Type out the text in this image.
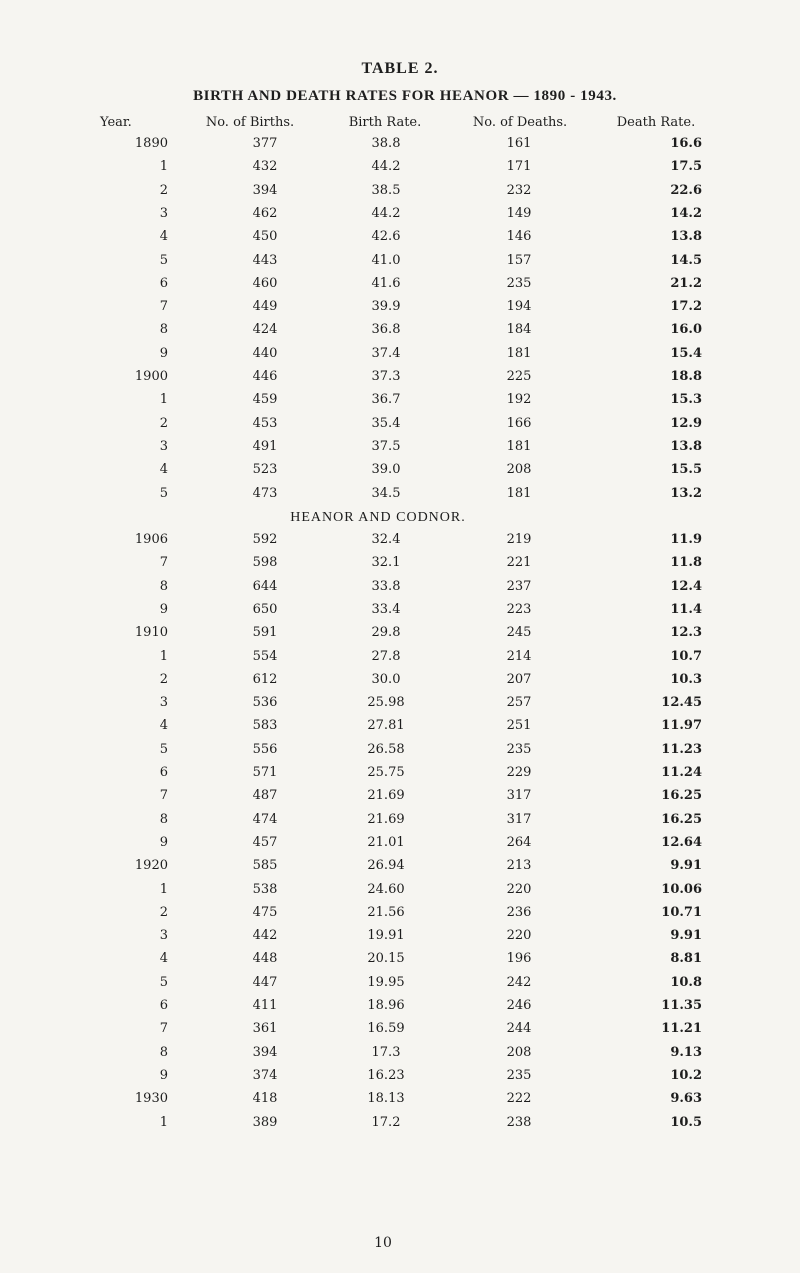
TABLE 2.
BIRTH AND DEATH RATES FOR HEANOR — 1890 - 1943.
Year.	No. of Births.	Birth Rate.	No. of Deaths.	Death Rate.
1890	377	38.8	161	16.6
1	432	44.2	171	17.5
2	394	38.5	232	22.6
3	462	44.2	149	14.2
4	450	42.6	146	13.8
5	443	41.0	157	14.5
6	460	41.6	235	21.2
7	449	39.9	194	17.2
8	424	36.8	184	16.0
9	440	37.4	181	15.4
1900	446	37.3	225	18.8
1	459	36.7	192	15.3
2	453	35.4	166	12.9
3	491	37.5	181	13.8
4	523	39.0	208	15.5
5	473	34.5	181	13.2
HEANOR AND CODNOR.
1906	592	32.4	219	11.9
7	598	32.1	221	11.8
8	644	33.8	237	12.4
9	650	33.4	223	11.4
1910	591	29.8	245	12.3
1	554	27.8	214	10.7
2	612	30.0	207	10.3
3	536	25.98	257	12.45
4	583	27.81	251	11.97
5	556	26.58	235	11.23
6	571	25.75	229	11.24
7	487	21.69	317	16.25
8	474	21.69	317	16.25
9	457	21.01	264	12.64
1920	585	26.94	213	9.91
1	538	24.60	220	10.06
2	475	21.56	236	10.71
3	442	19.91	220	9.91
4	448	20.15	196	8.81
5	447	19.95	242	10.8
6	411	18.96	246	11.35
7	361	16.59	244	11.21
8	394	17.3	208	9.13
9	374	16.23	235	10.2
1930	418	18.13	222	9.63
1	389	17.2	238	10.5
10
